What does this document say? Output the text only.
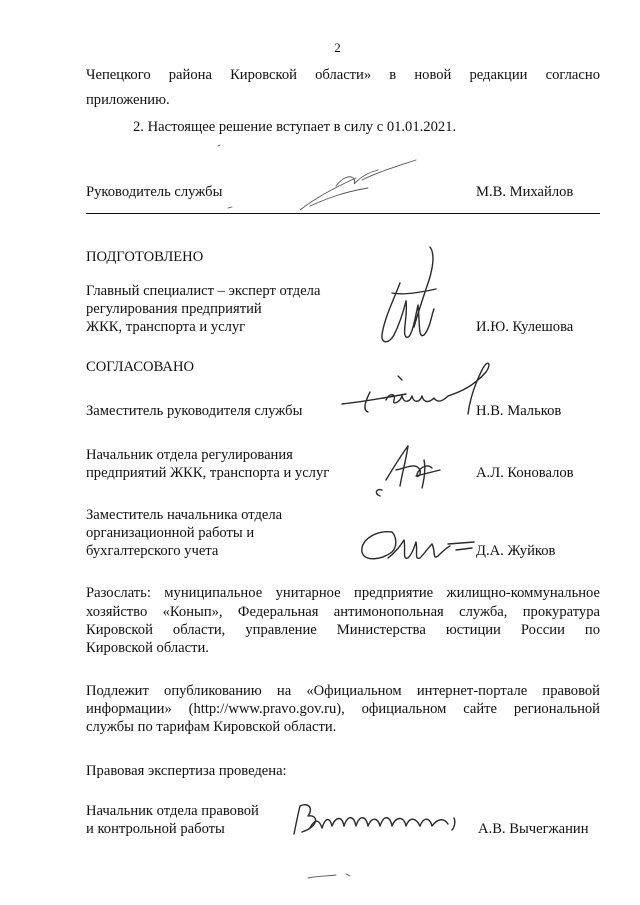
2
Чепецкого района Кировской области» в новой редакции согласно
приложению.
2. Настоящее решение вступает в силу с 01.01.2021.
Руководитель службы	М.В. Михайлов
ПОДГОТОВЛЕНО
Главный специалист – эксперт отдела
регулирования предприятий
ЖКК, транспорта и услуг	И.Ю. Кулешова
СОГЛАСОВАНО
Заместитель руководителя службы	Н.В. Мальков
Начальник отдела регулирования
предприятий ЖКК, транспорта и услуг	А.Л. Коновалов
Заместитель начальника отдела
организационной работы и
бухгалтерского учета	Д.А. Жуйков
Разослать: муниципальное унитарное предприятие жилищно-коммунальное
хозяйство «Конып», Федеральная антимонопольная служба, прокуратура
Кировской области, управление Министерства юстиции России по
Кировской области.
Подлежит опубликованию на «Официальном интернет-портале правовой
информации» (http://www.pravo.gov.ru), официальном сайте региональной
службы по тарифам Кировской области.
Правовая экспертиза проведена:
Начальник отдела правовой
и контрольной работы	А.В. Вычегжанин
